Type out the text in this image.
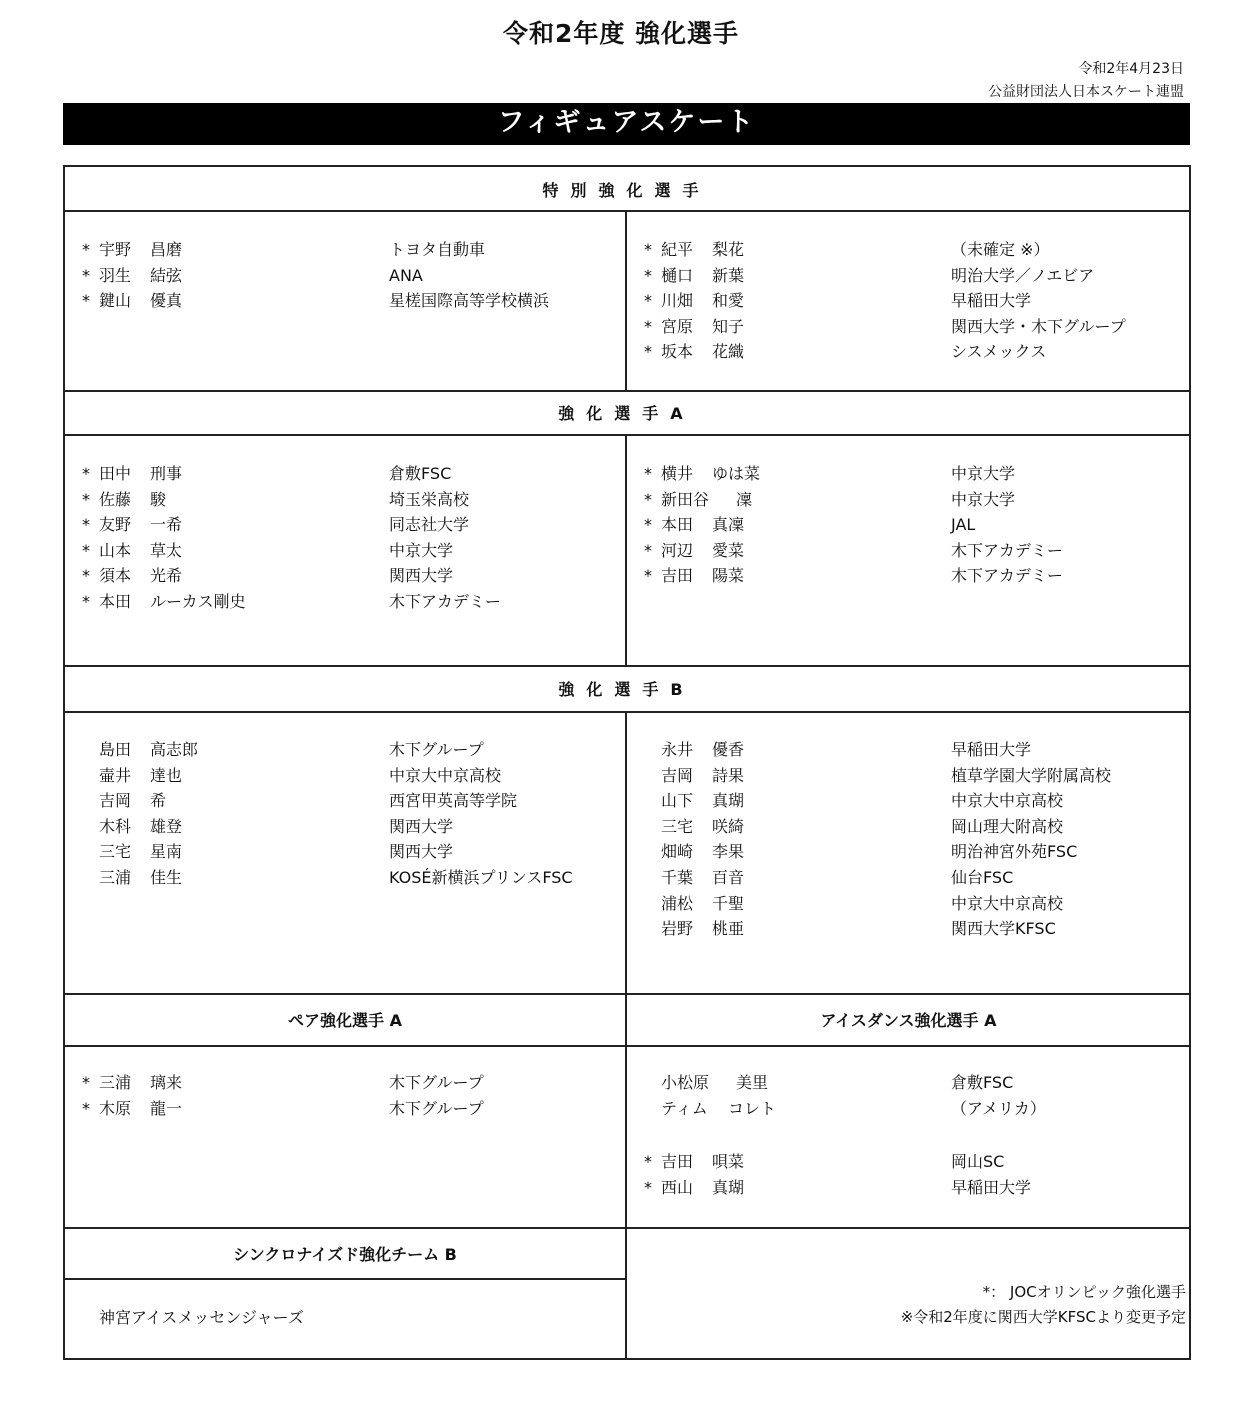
令和2年度 強化選手
令和2年4月23日
公益財団法人日本スケート連盟
フィギュアスケート
特別強化選手
強化選手A
強化選手B
ペア強化選手 A	アイスダンス強化選手 A
シンクロナイズド強化チーム B
* 宇野 昌磨	トヨタ自動車
* 羽生 結弦	ANA
* 鍵山 優真	星槎国際高等学校横浜
* 紀平 梨花	（未確定 ※）
* 樋口 新葉	明治大学／ノエビア
* 川畑 和愛	早稲田大学
* 宮原 知子	関西大学・木下グループ
* 坂本 花織	シスメックス
* 田中 刑事	倉敷FSC
* 佐藤 駿	埼玉栄高校
* 友野 一希	同志社大学
* 山本 草太	中京大学
* 須本 光希	関西大学
* 本田 ルーカス剛史	木下アカデミー
* 横井 ゆは菜	中京大学
* 新田谷 凜	中京大学
* 本田 真凜	JAL
* 河辺 愛菜	木下アカデミー
* 吉田 陽菜	木下アカデミー
島田 高志郎	木下グループ
壷井 達也	中京大中京高校
吉岡 希	西宮甲英高等学院
木科 雄登	関西大学
三宅 星南	関西大学
三浦 佳生	KOSÉ新横浜プリンスFSC
永井 優香	早稲田大学
吉岡 詩果	植草学園大学附属高校
山下 真瑚	中京大中京高校
三宅 咲綺	岡山理大附高校
畑崎 李果	明治神宮外苑FSC
千葉 百音	仙台FSC
浦松 千聖	中京大中京高校
岩野 桃亜	関西大学KFSC
* 三浦 璃来	木下グループ
* 木原 龍一	木下グループ
小松原 美里	倉敷FSC
ティム コレト	（アメリカ）
* 吉田 唄菜	岡山SC
* 西山 真瑚	早稲田大学
神宮アイスメッセンジャーズ
*： JOCオリンピック強化選手
※令和2年度に関西大学KFSCより変更予定
